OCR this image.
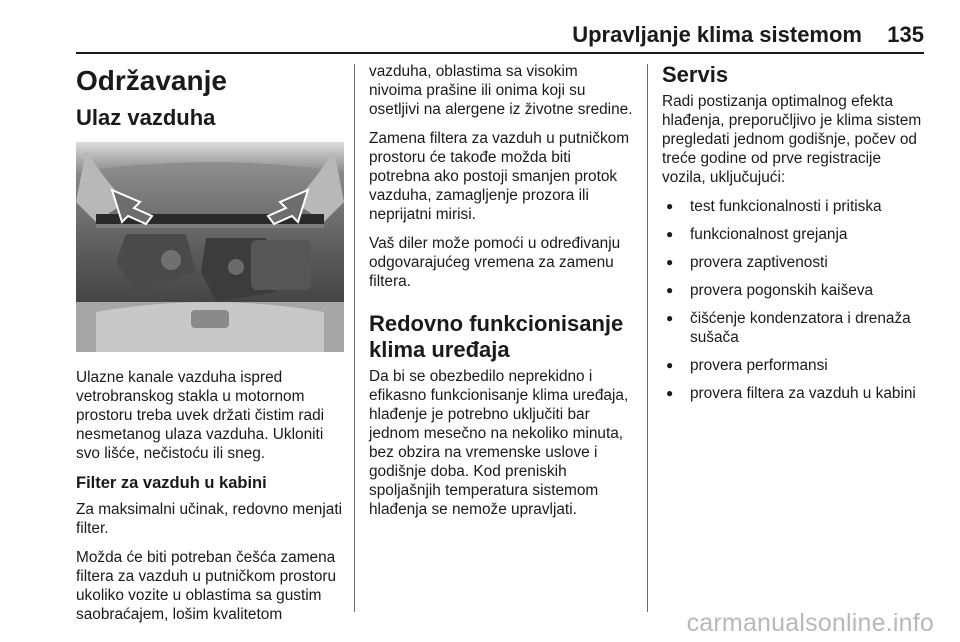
Upravljanje klima sistemom 135
Održavanje
Ulaz vazduha

Ulazne kanale vazduha ispred vetrobranskog stakla u motornom prostoru treba uvek držati čistim radi nesmetanog ulaza vazduha. Ukloniti svo lišće, nečistoću ili sneg.

Filter za vazduh u kabini

Za maksimalni učinak, redovno menjati filter.

Možda će biti potreban češća zamena filtera za vazduh u putničkom prostoru ukoliko vozite u oblastima sa gustim saobraćajem, lošim kvalitetom

vazduha, oblastima sa visokim nivoima prašine ili onima koji su osetljivi na alergene iz životne sredine.

Zamena filtera za vazduh u putničkom prostoru će takođe možda biti potrebna ako postoji smanjen protok vazduha, zamagljenje prozora ili neprijatni mirisi.

Vaš diler može pomoći u određivanju odgovarajućeg vremena za zamenu filtera.

Redovno funkcionisanje klima uređaja

Da bi se obezbedilo neprekidno i efikasno funkcionisanje klima uređaja, hlađenje je potrebno uključiti bar jednom mesečno na nekoliko minuta, bez obzira na vremenske uslove i godišnje doba. Kod preniskih spoljašnjih temperatura sistemom hlađenja se nemože upravljati.

Servis

Radi postizanja optimalnog efekta hlađenja, preporučljivo je klima sistem pregledati jednom godišnje, počev od treće godine od prve registracije vozila, uključujući:

● test funkcionalnosti i pritiska
● funkcionalnost grejanja
● provera zaptivenosti
● provera pogonskih kaiševa
● čišćenje kondenzatora i drenaža sušača
● provera performansi
● provera filtera za vazduh u kabini
carmanualsonline.info
